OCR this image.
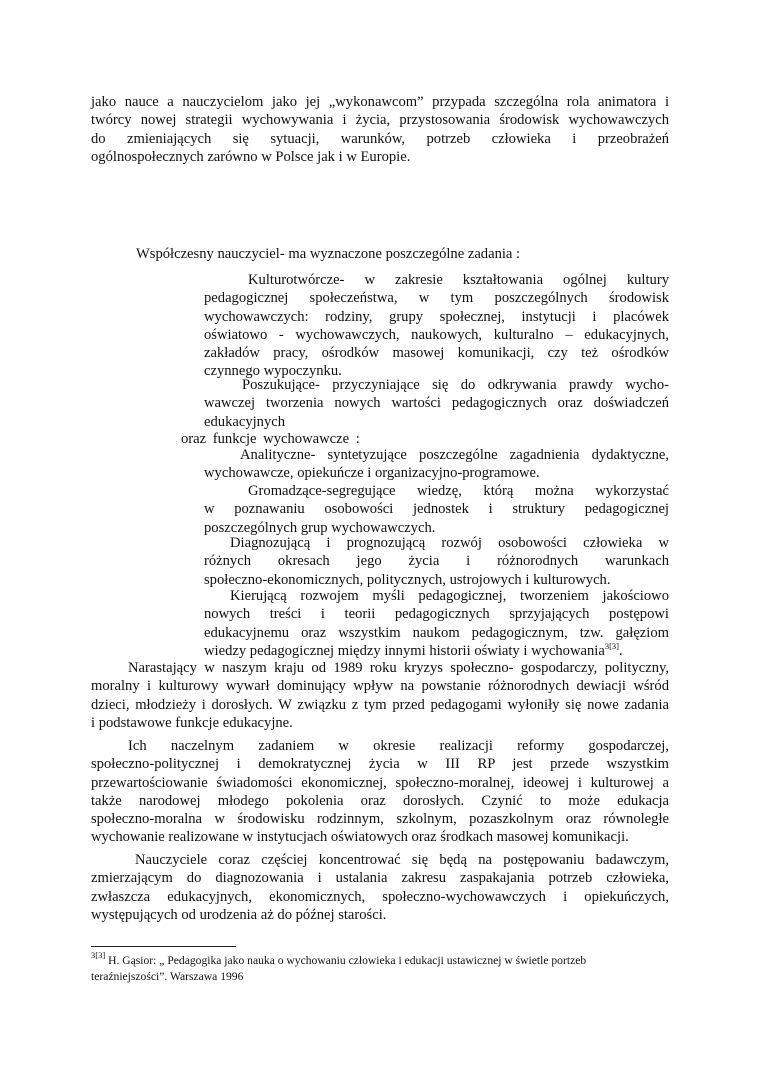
jako nauce a nauczycielom jako jej „wykonawcom” przypada szczególna rola animatora i
twórcy nowej strategii wychowywania i życia, przystosowania środowisk wychowawczych
do zmieniających się sytuacji, warunków, potrzeb człowieka i przeobrażeń
ogólnospołecznych zarówno w Polsce jak i w Europie.

Współczesny nauczyciel- ma wyznaczone poszczególne zadania :

Kulturotwórcze- w zakresie kształtowania ogólnej kultury
pedagogicznej społeczeństwa, w tym poszczególnych środowisk
wychowawczych: rodziny, grupy społecznej, instytucji i placówek
oświatowo - wychowawczych, naukowych, kulturalno – edukacyjnych,
zakładów pracy, ośrodków masowej komunikacji, czy też ośrodków
czynnego wypoczynku.
Poszukujące- przyczyniające się do odkrywania prawdy wycho-
wawczej tworzenia nowych wartości pedagogicznych oraz doświadczeń
edukacyjnych

oraz funkcje wychowawcze :

Analityczne- syntetyzujące poszczególne zagadnienia dydaktyczne,
wychowawcze, opiekuńcze i organizacyjno-programowe.
Gromadzące-segregujące wiedzę, którą można wykorzystać
w poznawaniu osobowości jednostek i struktury pedagogicznej
poszczególnych grup wychowawczych.
Diagnozującą i prognozującą rozwój osobowości człowieka w
różnych okresach jego życia i różnorodnych warunkach
społeczno-ekonomicznych, politycznych, ustrojowych i kulturowych.
Kierującą rozwojem myśli pedagogicznej, tworzeniem jakościowo
nowych treści i teorii pedagogicznych sprzyjających postępowi
edukacyjnemu oraz wszystkim naukom pedagogicznym, tzw. gałęziom
wiedzy pedagogicznej między innymi historii oświaty i wychowania$^{3[3]}$.
Narastający w naszym kraju od 1989 roku kryzys społeczno- gospodarczy, polityczny,
moralny i kulturowy wywarł dominujący wpływ na powstanie różnorodnych dewiacji wśród
dzieci, młodzieży i dorosłych. W związku z tym przed pedagogami wyłoniły się nowe zadania
i podstawowe funkcje edukacyjne.
Ich naczelnym zadaniem w okresie realizacji reformy gospodarczej,
społeczno-politycznej i demokratycznej życia w III RP jest przede wszystkim
przewartościowanie świadomości ekonomicznej, społeczno-moralnej, ideowej i kulturowej a
także narodowej młodego pokolenia oraz dorosłych. Czynić to może edukacja
społeczno-moralna w środowisku rodzinnym, szkolnym, pozaszkolnym oraz równoległe
wychowanie realizowane w instytucjach oświatowych oraz środkach masowej komunikacji.
Nauczyciele coraz częściej koncentrować się będą na postępowaniu badawczym,
zmierzającym do diagnozowania i ustalania zakresu zaspakajania potrzeb człowieka,
zwłaszcza edukacyjnych, ekonomicznych, społeczno-wychowawczych i opiekuńczych,
występujących od urodzenia aż do późnej starości.
$^{3[3]}$ H. Gąsior: „ Pedagogika jako nauka o wychowaniu człowieka i edukacji ustawicznej w świetle portzeb teraźniejszości”. Warszawa 1996
